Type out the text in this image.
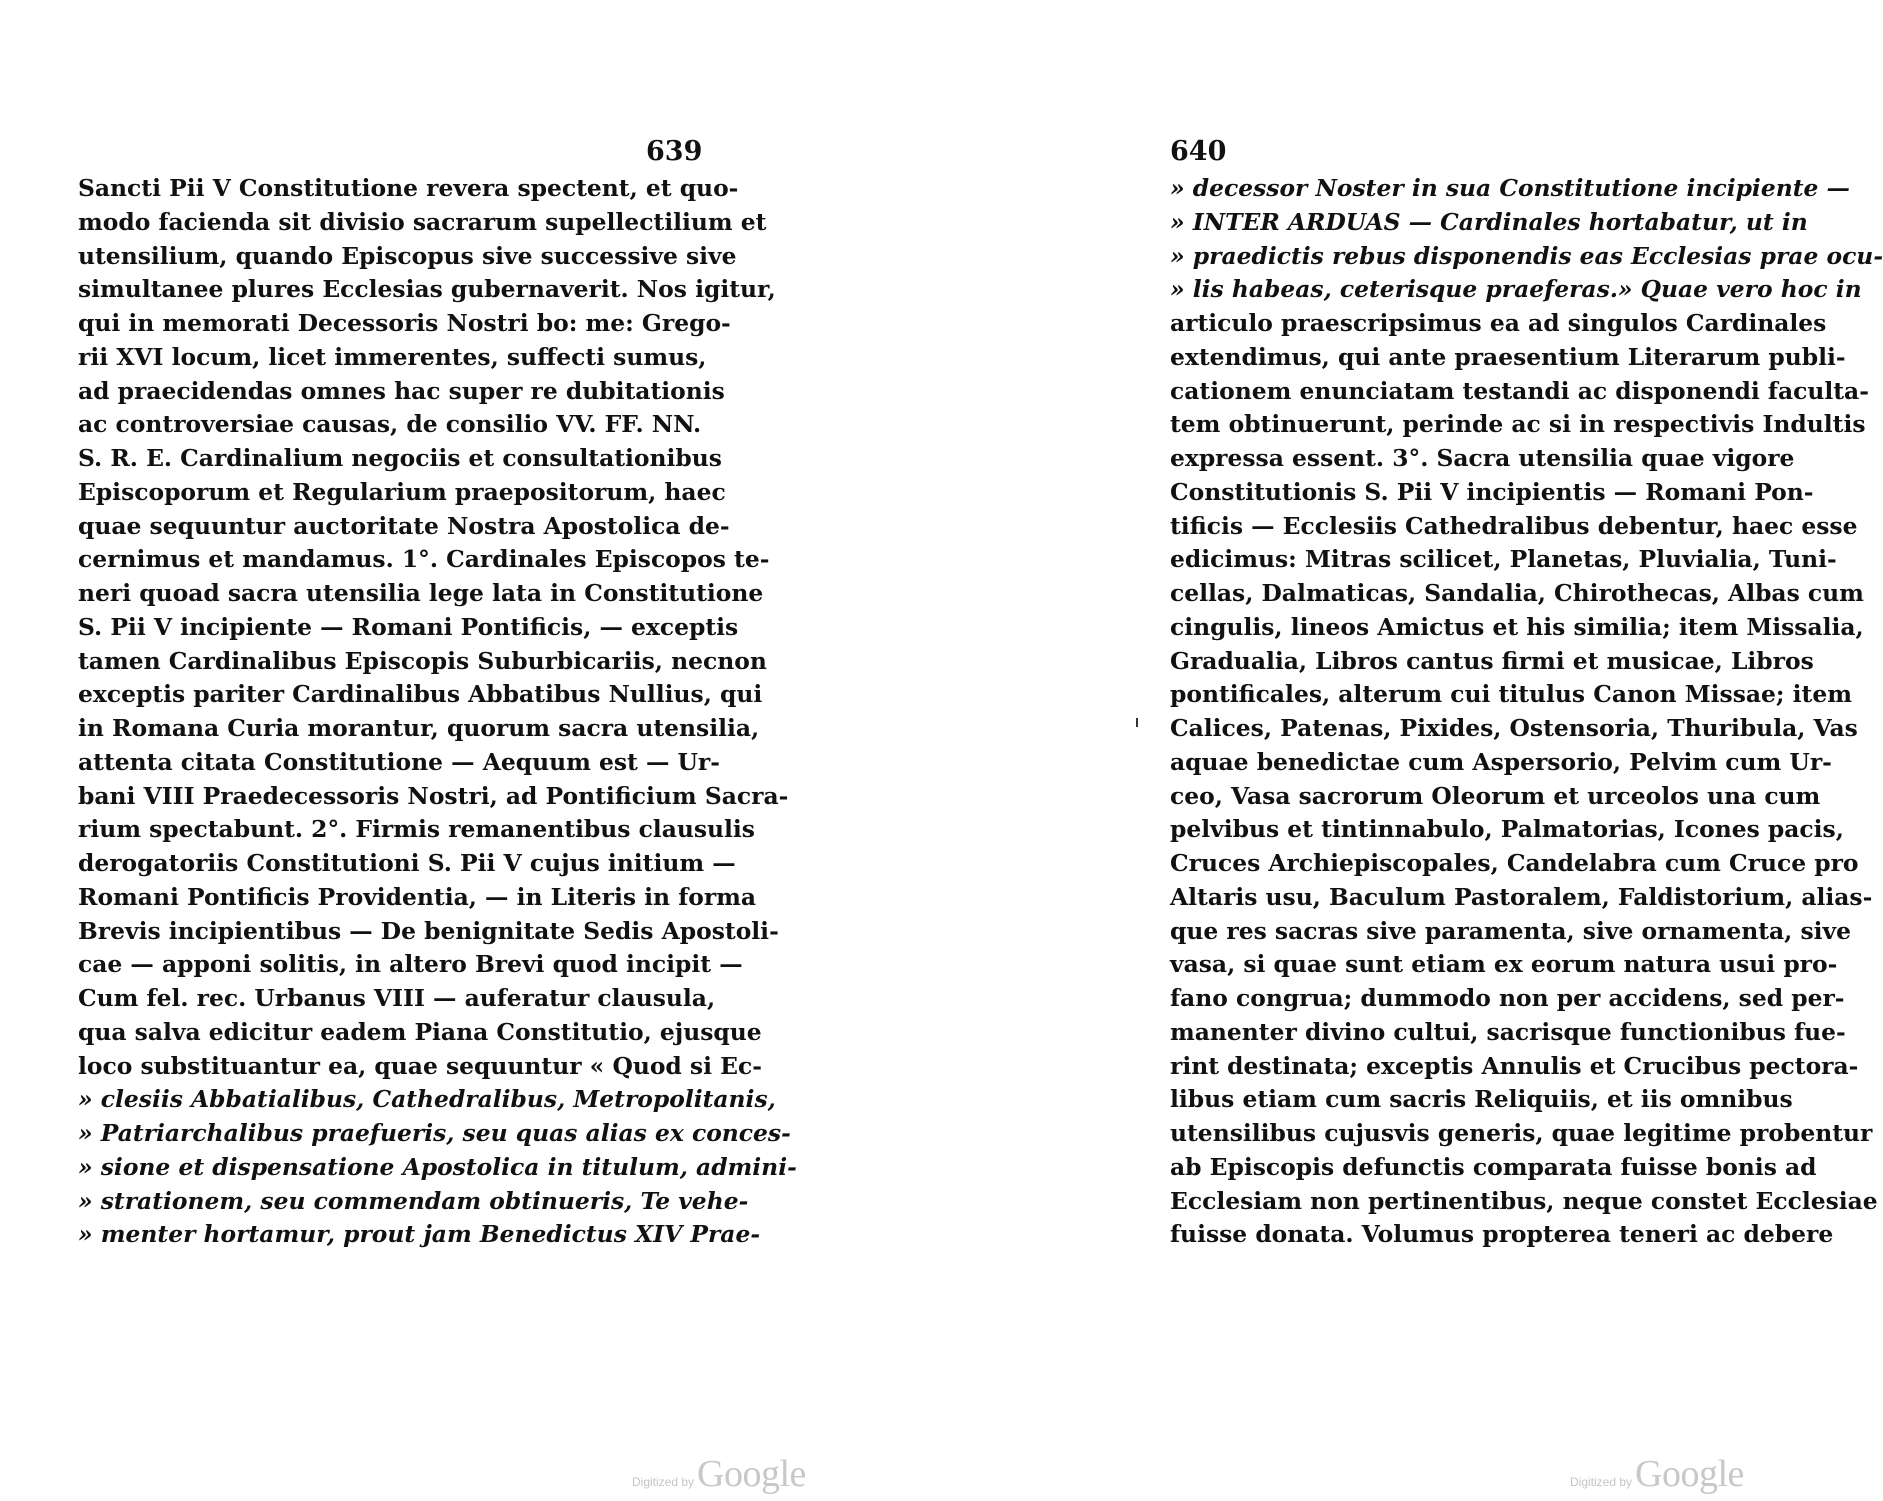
639
Sancti Pii V Constitutione revera spectent, et quo-
modo facienda sit divisio sacrarum supellectilium et
utensilium, quando Episcopus sive successive sive
simultanee plures Ecclesias gubernaverit. Nos igitur,
qui in memorati Decessoris Nostri bo: me: Grego-
rii XVI locum, licet immerentes, suffecti sumus,
ad praecidendas omnes hac super re dubitationis
ac controversiae causas, de consilio VV. FF. NN.
S. R. E. Cardinalium negociis et consultationibus
Episcoporum et Regularium praepositorum, haec
quae sequuntur auctoritate Nostra Apostolica de-
cernimus et mandamus. 1°. Cardinales Episcopos te-
neri quoad sacra utensilia lege lata in Constitutione
S. Pii V incipiente — Romani Pontificis, — exceptis
tamen Cardinalibus Episcopis Suburbicariis, necnon
exceptis pariter Cardinalibus Abbatibus Nullius, qui
in Romana Curia morantur, quorum sacra utensilia,
attenta citata Constitutione — Aequum est — Ur-
bani VIII Praedecessoris Nostri, ad Pontificium Sacra-
rium spectabunt. 2°. Firmis remanentibus clausulis
derogatoriis Constitutioni S. Pii V cujus initium —
Romani Pontificis Providentia, — in Literis in forma
Brevis incipientibus — De benignitate Sedis Apostoli-
cae — apponi solitis, in altero Brevi quod incipit —
Cum fel. rec. Urbanus VIII — auferatur clausula,
qua salva edicitur eadem Piana Constitutio, ejusque
loco substituantur ea, quae sequuntur « Quod si Ec-
» clesiis Abbatialibus, Cathedralibus, Metropolitanis,
» Patriarchalibus praefueris, seu quas alias ex conces-
» sione et dispensatione Apostolica in titulum, admini-
» strationem, seu commendam obtinueris, Te vehe-
» menter hortamur, prout jam Benedictus XIV Prae-
Digitized byGoogle
640
» decessor Noster in sua Constitutione incipiente —
» INTER ARDUAS — Cardinales hortabatur, ut in
» praedictis rebus disponendis eas Ecclesias prae ocu-
» lis habeas, ceterisque praeferas.» Quae vero hoc in
articulo praescripsimus ea ad singulos Cardinales
extendimus, qui ante praesentium Literarum publi-
cationem enunciatam testandi ac disponendi faculta-
tem obtinuerunt, perinde ac si in respectivis Indultis
expressa essent. 3°. Sacra utensilia quae vigore
Constitutionis S. Pii V incipientis — Romani Pon-
tificis — Ecclesiis Cathedralibus debentur, haec esse
edicimus: Mitras scilicet, Planetas, Pluvialia, Tuni-
cellas, Dalmaticas, Sandalia, Chirothecas, Albas cum
cingulis, lineos Amictus et his similia; item Missalia,
Gradualia, Libros cantus firmi et musicae, Libros
pontificales, alterum cui titulus Canon Missae; item
Calices, Patenas, Pixides, Ostensoria, Thuribula, Vas
aquae benedictae cum Aspersorio, Pelvim cum Ur-
ceo, Vasa sacrorum Oleorum et urceolos una cum
pelvibus et tintinnabulo, Palmatorias, Icones pacis,
Cruces Archiepiscopales, Candelabra cum Cruce pro
Altaris usu, Baculum Pastoralem, Faldistorium, alias-
que res sacras sive paramenta, sive ornamenta, sive
vasa, si quae sunt etiam ex eorum natura usui pro-
fano congrua; dummodo non per accidens, sed per-
manenter divino cultui, sacrisque functionibus fue-
rint destinata; exceptis Annulis et Crucibus pectora-
libus etiam cum sacris Reliquiis, et iis omnibus
utensilibus cujusvis generis, quae legitime probentur
ab Episcopis defunctis comparata fuisse bonis ad
Ecclesiam non pertinentibus, neque constet Ecclesiae
fuisse donata. Volumus propterea teneri ac debere
Digitized byGoogle
